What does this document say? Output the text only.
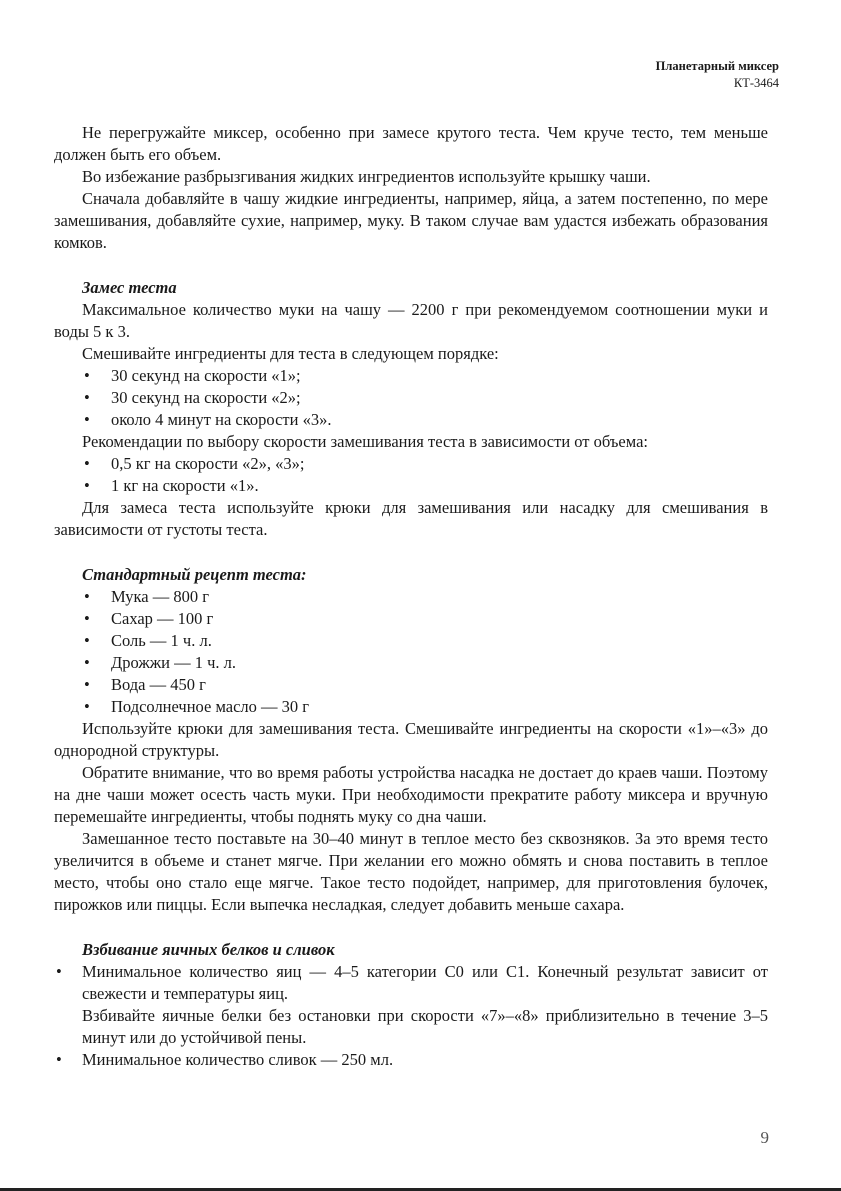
Планетарный миксер
КТ-3464

Не перегружайте миксер, особенно при замесе крутого теста. Чем круче тесто, тем меньше должен быть его объем.

Во избежание разбрызгивания жидких ингредиентов используйте крышку чаши.

Сначала добавляйте в чашу жидкие ингредиенты, например, яйца, а затем постепенно, по мере замешивания, добавляйте сухие, например, муку. В таком случае вам удастся избежать образования комков.

Замес теста

Максимальное количество муки на чашу — 2200 г при рекомендуемом соотношении муки и воды 5 к 3.

Смешивайте ингредиенты для теста в следующем порядке:

• 30 секунд на скорости «1»;
• 30 секунд на скорости «2»;
• около 4 минут на скорости «3».

Рекомендации по выбору скорости замешивания теста в зависимости от объема:

• 0,5 кг на скорости «2», «3»;
• 1 кг на скорости «1».

Для замеса теста используйте крюки для замешивания или насадку для смешивания в зависимости от густоты теста.

Стандартный рецепт теста:
• Мука — 800 г
• Сахар — 100 г
• Соль — 1 ч. л.
• Дрожжи — 1 ч. л.
• Вода — 450 г
• Подсолнечное масло — 30 г

Используйте крюки для замешивания теста. Смешивайте ингредиенты на скорости «1»–«3» до однородной структуры.

Обратите внимание, что во время работы устройства насадка не достает до краев чаши. Поэтому на дне чаши может осесть часть муки. При необходимости прекратите работу миксера и вручную перемешайте ингредиенты, чтобы поднять муку со дна чаши.

Замешанное тесто поставьте на 30–40 минут в теплое место без сквозняков. За это время тесто увеличится в объеме и станет мягче. При желании его можно обмять и снова поставить в теплое место, чтобы оно стало еще мягче. Такое тесто подойдет, например, для приготовления булочек, пирожков или пиццы. Если выпечка несладкая, следует добавить меньше сахара.

Взбивание яичных белков и сливок
• Минимальное количество яиц — 4–5 категории С0 или С1. Конечный результат зависит от свежести и температуры яиц.
Взбивайте яичные белки без остановки при скорости «7»–«8» приблизительно в течение 3–5 минут или до устойчивой пены.
• Минимальное количество сливок — 250 мл.
9
